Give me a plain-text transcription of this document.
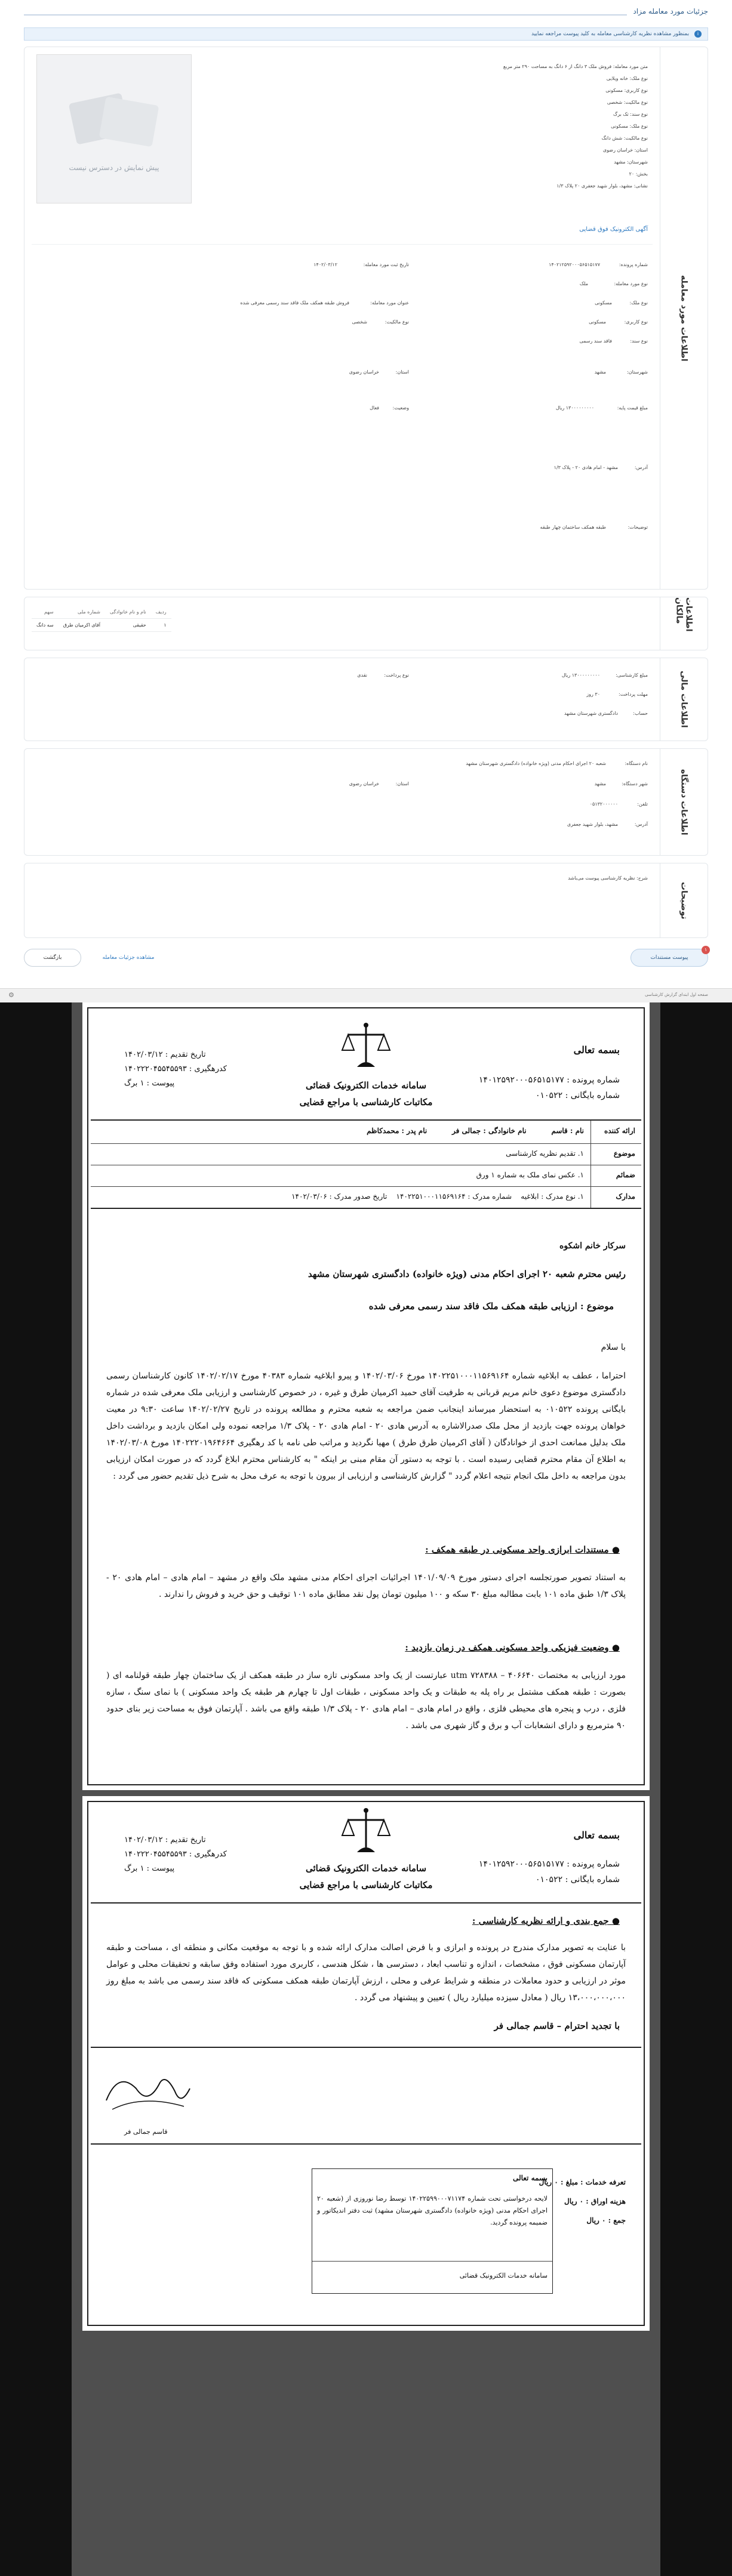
جزئیات مورد معامله مزاد
i بمنظور مشاهده نظریه کارشناسی معامله به کلید پیوست مراجعه نمایید
اطلاعات مورد معامله
پیش نمایش در دسترس نیست
متن مورد معامله: فروش ملک ۳ دانگ از ۶ دانگ به مساحت ۲۹۰ متر مربع
نوع ملک: خانه ویلایی
نوع کاربری: مسکونی
نوع مالکیت: شخصی
نوع سند: تک برگ
نوع ملک: مسکونی
نوع مالکیت: شش دانگ
استان: خراسان رضوی
شهرستان: مشهد
بخش: ۲۰
نشانی: مشهد، بلوار شهید جعفری ۲۰ پلاک ۱/۳
آگهی الکترونیک فوق قضایی
شماره پرونده:
۱۴۰۲۱۲۵۹۲۰۰۰۵۶۵۱۵۱۷۷
تاریخ ثبت مورد معامله:
۱۴۰۲/۰۳/۱۲
نوع مورد معامله:
ملک
نوع ملک:
مسکونی
عنوان مورد معامله:
فروش طبقه همکف ملک فاقد سند رسمی معرفی شده
نوع کاربری:
مسکونی
نوع مالکیت:
شخصی
نوع سند:
فاقد سند رسمی
شهرستان:
مشهد
استان:
خراسان رضوی
مبلغ قیمت پایه:
۱۳۰۰۰۰۰۰۰۰۰ ریال
وضعیت:
فعال
آدرس:
مشهد - امام هادی ۲۰ - پلاک ۱/۳
توضیحات:
طبقه همکف ساختمان چهار طبقه
اطلاعات مالکان
ردیف	نام و نام خانوادگی	شماره ملی	سهم
۱	حقیقی	آقای اکرمیان طرق	سه دانگ
اطلاعات مالی
مبلغ کارشناسی:
۱۳۰۰۰۰۰۰۰۰۰ ریال
نوع پرداخت:
نقدی
مهلت پرداخت:
۳۰ روز
حساب:
دادگستری شهرستان مشهد
اطلاعات دستگاه
نام دستگاه:
شعبه ۲۰ اجرای احکام مدنی (ویژه خانواده) دادگستری شهرستان مشهد
شهر دستگاه:
مشهد
استان:
خراسان رضوی
تلفن:
۰۵۱۳۲۰۰۰۰۰۰
آدرس:
مشهد، بلوار شهید جعفری
توضیحات
شرح: نظریه کارشناسی پیوست می‌باشد
۱
پیوست مستندات
مشاهده جزئیات معامله
بازگشت
صفحه اول ابتدای گزارش کارشناسی
⚙
بسمه تعالی
شماره پرونده : ۱۴۰۱۲۵۹۲۰۰۰۵۶۵۱۵۱۷۷
شماره بایگانی : ۰۱۰۵۲۲
سامانه خدمات الکترونیک قضائی
مکاتبات کارشناسی با مراجع قضایی
تاریخ تقدیم : ۱۴۰۲/۰۳/۱۲
کدرهگیری : ۱۴۰۲۲۲۰۴۵۵۴۵۵۹۳
پیوست : ۱ برگ
ارائه کننده
نام : قاسم          نام خانوادگی : جمالی فر          نام پدر : محمدکاظم
موضوع
۱. تقدیم نظریه کارشناسی
ضمائم
۱. عکس نمای ملک به شماره ۱ ورق
مدارک
۱. نوع مدرک : ابلاغیه    شماره مدرک : ۱۴۰۲۲۵۱۰۰۰۱۱۵۶۹۱۶۴    تاریخ صدور مدرک : ۱۴۰۲/۰۳/۰۶
سرکار خانم اشکوه
رئیس محترم شعبه ۲۰ اجرای احکام مدنی (ویژه خانواده) دادگستری شهرستان مشهد
موضوع : ارزیابی طبقه همکف ملک فاقد سند رسمی معرفی شده
با سلام
احتراما ، عطف به ابلاغیه شماره ۱۴۰۲۲۵۱۰۰۰۱۱۵۶۹۱۶۴ مورخ ۱۴۰۲/۰۳/۰۶ و پیرو ابلاغیه شماره ۴۰۳۸۳ مورخ ۱۴۰۲/۰۲/۱۷ کانون کارشناسان رسمی دادگستری موضوع دعوی خانم مریم قربانی به طرفیت آقای حمید اکرمیان طرق و غیره ، در خصوص کارشناسی و ارزیابی ملک معرفی شده در شماره بایگانی پرونده ۰۱۰۵۲۲ به استحضار میرساند اینجانب ضمن مراجعه به شعبه محترم و مطالعه پرونده در تاریخ ۱۴۰۲/۰۲/۲۷ ساعت ۹:۳۰ در معیت خواهان پرونده جهت بازدید از محل ملک صدرالاشاره به آدرس هادی ۲۰ - امام هادی ۲۰ - پلاک ۱/۳ مراجعه نموده ولی امکان بازدید و برداشت داخل ملک بدلیل ممانعت احدی از خوانادگان ( آقای اکرمیان طرق طرق ) مهیا نگردید و مراتب طی نامه با کد رهگیری ۱۴۰۲۲۲۰۱۹۶۴۶۶۴ مورخ ۱۴۰۲/۰۳/۰۸ به اطلاع آن مقام محترم قضایی رسیده است . با توجه به دستور آن مقام مبنی بر اینکه " به کارشناس محترم ابلاغ گردد که در صورت امکان ارزیابی بدون مراجعه به داخل ملک انجام نتیجه اعلام گردد " گزارش کارشناسی و ارزیابی از بیرون با توجه به عرف محل به شرح ذیل تقدیم حضور می گردد :
● مستندات ابرازی واحد مسکونی در طبقه همکف :
به استناد تصویر صورتجلسه اجرای دستور مورخ ۱۴۰۱/۰۹/۰۹ اجرائیات اجرای احکام مدنی مشهد ملک واقع در مشهد – امام هادی – امام هادی ۲۰ - پلاک ۱/۳ طبق ماده ۱۰۱ بابت مطالبه مبلغ ۳۰ سکه و ۱۰۰ میلیون تومان پول نقد مطابق ماده ۱۰۱ توقیف و حق خرید و فروش را ندارند .
● وضعیت فیزیکی واحد مسکونی همکف در زمان بازدید :
مورد ارزیابی به مختصات utm ۷۲۸۳۸۸ – ۴۰۶۶۴۰ عبارتست از یک واحد مسکونی تازه ساز در طبقه همکف از یک ساختمان چهار طبقه قولنامه ای ( بصورت : طبقه همکف مشتمل بر راه پله به طبقات و یک واحد مسکونی ، طبقات اول تا چهارم هر طبقه یک واحد مسکونی ) با نمای سنگ ، سازه فلزی ، درب و پنجره های محیطی فلزی ، واقع در امام هادی – امام هادی ۲۰ - پلاک ۱/۳ طبقه واقع می باشد . آپارتمان فوق به مساحت زیر بنای حدود ۹۰ مترمربع و دارای انشعابات آب و برق و گاز شهری می باشد .
بسمه تعالی
شماره پرونده : ۱۴۰۱۲۵۹۲۰۰۰۵۶۵۱۵۱۷۷
شماره بایگانی : ۰۱۰۵۲۲
سامانه خدمات الکترونیک قضائی
مکاتبات کارشناسی با مراجع قضایی
تاریخ تقدیم : ۱۴۰۲/۰۳/۱۲
کدرهگیری : ۱۴۰۲۲۲۰۴۵۵۴۵۵۹۳
پیوست : ۱ برگ
● جمع بندی و ارائه نظریه کارشناسی :
با عنایت به تصویر مدارک مندرج در پرونده و ابرازی و با فرض اصالت مدارک ارائه شده و با توجه به موقعیت مکانی و منطقه ای ، مساحت و طبقه آپارتمان مسکونی فوق ، مشخصات ، اندازه و تناسب ابعاد ، دسترسی ها ، شکل هندسی ، کاربری مورد استفاده وفق سابقه و تحقیقات محلی و عوامل موثر در ارزیابی و حدود معاملات در منطقه و شرایط عرفی و محلی ، ارزش آپارتمان طبقه همکف مسکونی که فاقد سند رسمی می باشد به مبلغ روز ۱۳،۰۰۰،۰۰۰،۰۰۰ ریال ( معادل سیزده میلیارد ریال ) تعیین و پیشنهاد می گردد .
با تجدید احترام – قاسم جمالی فر
قاسم جمالی فر
تعرفه خدمات : مبلغ : ۰ ریال
هزینه اوراق : ۰ ریال
جمع : ۰ ریال
بسمه تعالی
لایحه درخواستی تحت شماره ۱۴۰۲۲۵۹۹۰۰۰۷۱۱۷۴ توسط رضا نوروزی از (شعبه ۲۰ اجرای احکام مدنی (ویژه خانواده) دادگستری شهرستان مشهد) ثبت دفتر اندیکاتور و ضمیمه پرونده گردید.
سامانه خدمات الکترونیک قضائی
